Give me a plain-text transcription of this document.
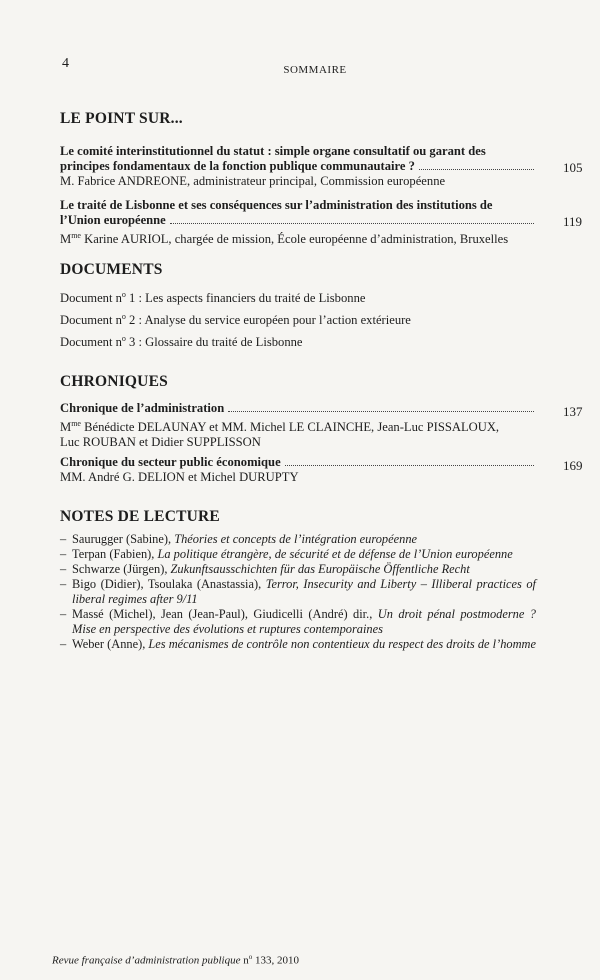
4	SOMMAIRE
LE POINT SUR...
Le comité interinstitutionnel du statut : simple organe consultatif ou garant des
principes fondamentaux de la fonction publique communautaire ?
M. Fabrice ANDREONE, administrateur principal, Commission européenne
105
Le traité de Lisbonne et ses conséquences sur l’administration des institutions de
l’Union européenne
$M^{me}$ Karine AURIOL, chargée de mission, École européenne d’administration, Bruxelles
119
DOCUMENTS
Document $n^o$ 1 : Les aspects financiers du traité de Lisbonne
Document $n^o$ 2 : Analyse du service européen pour l’action extérieure
Document $n^o$ 3 : Glossaire du traité de Lisbonne
CHRONIQUES
Chronique de l’administration
$M^{me}$ Bénédicte DELAUNAY et MM. Michel LE CLAINCHE, Jean-Luc PISSALOUX,
Luc ROUBAN et Didier SUPPLISSON
137
Chronique du secteur public économique
MM. André G. DELION et Michel DURUPTY
169
NOTES DE LECTURE
– Saurugger (Sabine), Théories et concepts de l’intégration européenne
– Terpan (Fabien), La politique étrangère, de sécurité et de défense de l’Union européenne
– Schwarze (Jürgen), Zukunftsausschichten für das Europäische Öffentliche Recht
– Bigo (Didier), Tsoulaka (Anastassia), Terror, Insecurity and Liberty – Illiberal practices of liberal regimes after 9/11
– Massé (Michel), Jean (Jean-Paul), Giudicelli (André) dir., Un droit pénal postmoderne ? Mise en perspective des évolutions et ruptures contemporaines
– Weber (Anne), Les mécanismes de contrôle non contentieux du respect des droits de l’homme
Revue française d’administration publique $n^o$ 133, 2010
